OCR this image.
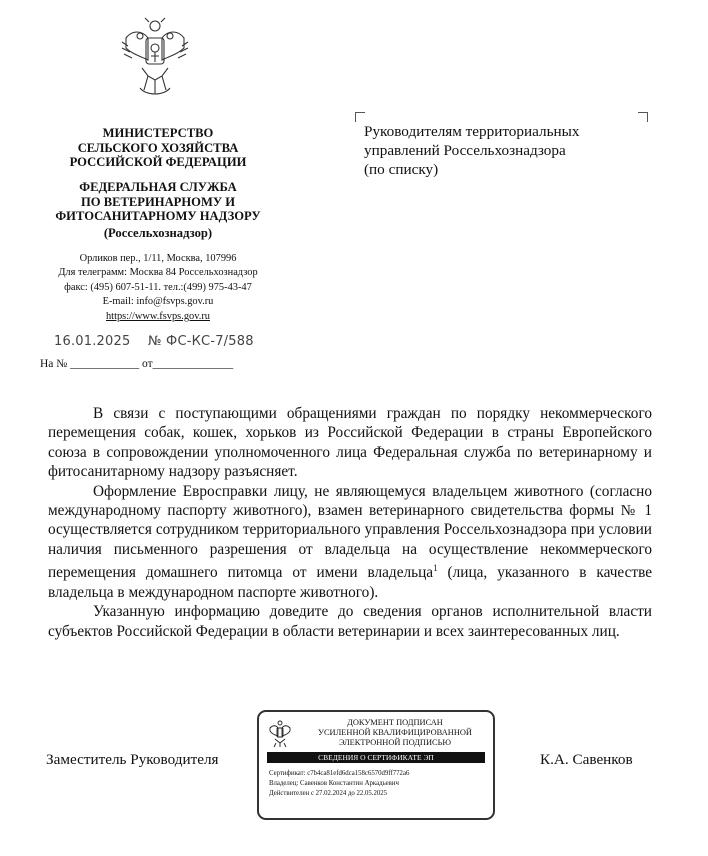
МИНИСТЕРСТВО
СЕЛЬСКОГО ХОЗЯЙСТВА
РОССИЙСКОЙ ФЕДЕРАЦИИ
ФЕДЕРАЛЬНАЯ СЛУЖБА
ПО ВЕТЕРИНАРНОМУ И
ФИТОСАНИТАРНОМУ НАДЗОРУ
(Россельхознадзор)
Орликов пер., 1/11, Москва, 107996
Для телеграмм: Москва 84 Россельхознадзор
факс: (495) 607-51-11. тел.:(499) 975-43-47
E-mail: info@fsvps.gov.ru
https://www.fsvps.gov.ru
16.01.2025 № ФС-КС-7/588
На № ____________ от______________
Руководителям территориальных
управлений Россельхознадзора
(по списку)

В связи с поступающими обращениями граждан по порядку некоммерческого перемещения собак, кошек, хорьков из Российской Федерации в страны Европейского союза в сопровождении уполномоченного лица Федеральная служба по ветеринарному и фитосанитарному надзору разъясняет.

Оформление Евросправки лицу, не являющемуся владельцем животного (согласно международному паспорту животного), взамен ветеринарного свидетельства формы № 1 осуществляется сотрудником территориального управления Россельхознадзора при условии наличия письменного разрешения от владельца на осуществление некоммерческого перемещения домашнего питомца от имени владельца$^1$ (лица, указанного в качестве владельца в международном паспорте животного).

Указанную информацию доведите до сведения органов исполнительной власти субъектов Российской Федерации в области ветеринарии и всех заинтересованных лиц.

Заместитель Руководителя	К.А. Савенков
ДОКУМЕНТ ПОДПИСАН
УСИЛЕННОЙ КВАЛИФИЦИРОВАННОЙ
ЭЛЕКТРОННОЙ ПОДПИСЬЮ
СВЕДЕНИЯ О СЕРТИФИКАТЕ ЭП
Сертификат: c7b4ca81efd6dca158c6570d9ff772a6
Владелец: Савенков Константин Аркадьевич
Действителен с 27.02.2024 до 22.05.2025
